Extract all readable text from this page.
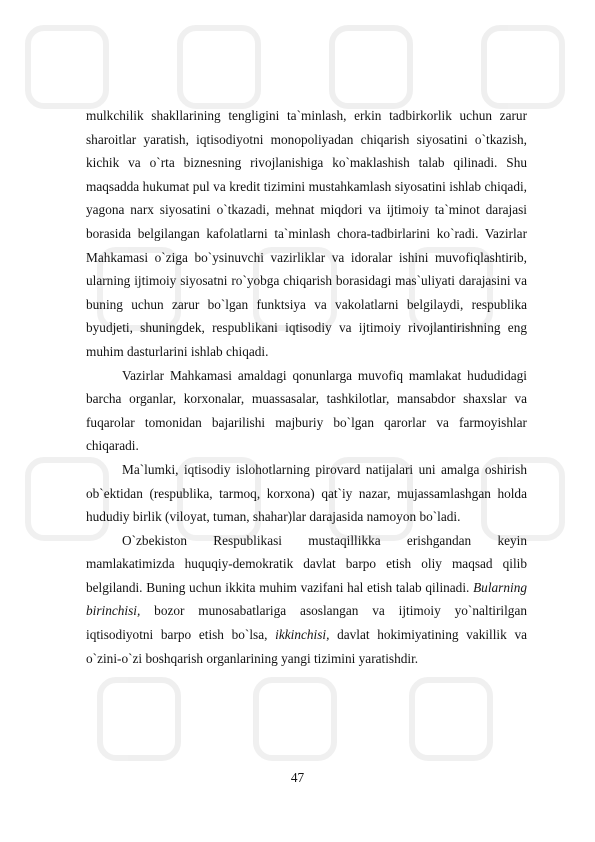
mulkchilik shakllarining tengligini ta`minlash, erkin tadbirkorlik uchun zarur sharoitlar yaratish, iqtisodiyotni monopoliyadan chiqarish siyosatini o`tkazish, kichik va o`rta biznesning rivojlanishiga ko`maklashish talab qilinadi. Shu maqsadda hukumat pul va kredit tizimini mustahkamlash siyosatini ishlab chiqadi, yagona narx siyosatini o`tkazadi, mehnat miqdori va ijtimoiy ta`minot darajasi borasida belgilangan kafolatlarni ta`minlash chora-tadbirlarini ko`radi. Vazirlar Mahkamasi o`ziga bo`ysinuvchi vazirliklar va idoralar ishini muvofiqlashtirib, ularning ijtimoiy siyosatni ro`yobga chiqarish borasidagi mas`uliyati darajasini va buning uchun zarur bo`lgan funktsiya va vakolatlarni belgilaydi, respublika byudjeti, shuningdek, respublikani iqtisodiy va ijtimoiy rivojlantirishning eng muhim dasturlarini ishlab chiqadi.

Vazirlar Mahkamasi amaldagi qonunlarga muvofiq mamlakat hududidagi barcha organlar, korxonalar, muassasalar, tashkilotlar, mansabdor shaxslar va fuqarolar tomonidan bajarilishi majburiy bo`lgan qarorlar va farmoyishlar chiqaradi.

Ma`lumki, iqtisodiy islohotlarning pirovard natijalari uni amalga oshirish ob`ektidan (respublika, tarmoq, korxona) qat`iy nazar, mujassamlashgan holda hududiy birlik (viloyat, tuman, shahar)lar darajasida namoyon bo`ladi.

O`zbekiston Respublikasi mustaqillikka erishgandan keyin mamlakatimizda huquqiy-demokratik davlat barpo etish oliy maqsad qilib belgilandi. Buning uchun ikkita muhim vazifani hal etish talab qilinadi. Bularning birinchisi, bozor munosabatlariga asoslangan va ijtimoiy yo`naltirilgan iqtisodiyotni barpo etish bo`lsa, ikkinchisi, davlat hokimiyatining vakillik va o`zini-o`zi boshqarish organlarining yangi tizimini yaratishdir.

47
